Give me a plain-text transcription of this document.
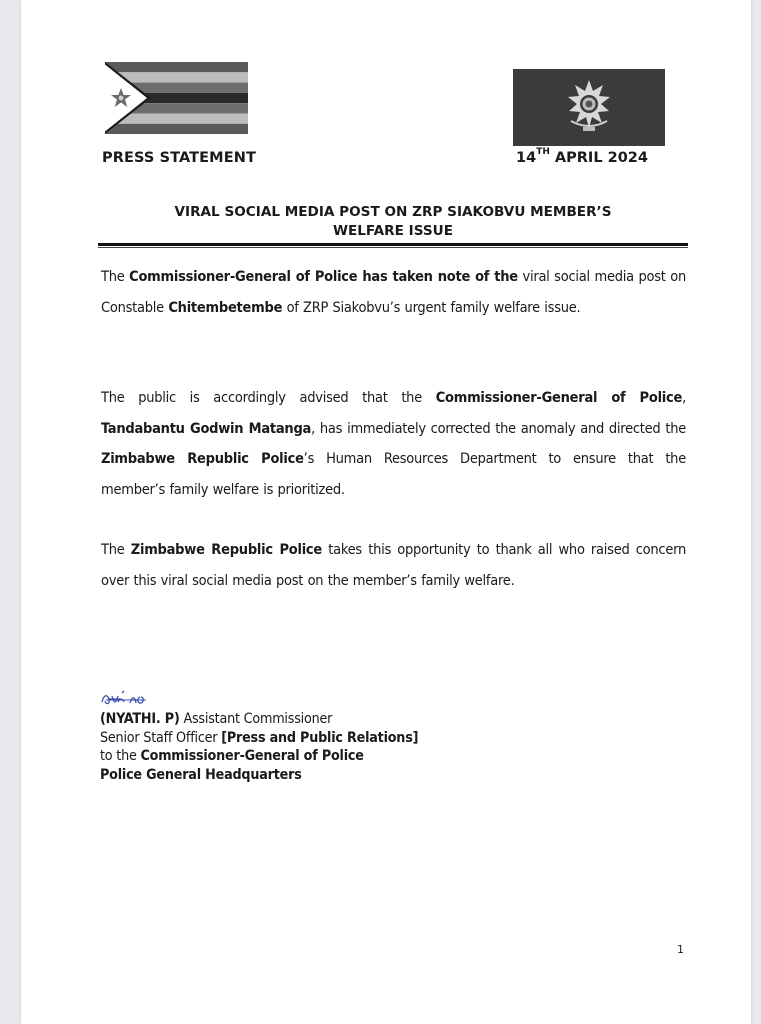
PRESS STATEMENT	14TH APRIL 2024
VIRAL SOCIAL MEDIA POST ON ZRP SIAKOBVU MEMBER’S
WELFARE ISSUE
The Commissioner-General of Police has taken note of the viral social media post on Constable Chitembetembe of ZRP Siakobvu’s urgent family welfare issue.
The public is accordingly advised that the Commissioner-General of Police, Tandabantu Godwin Matanga, has immediately corrected the anomaly and directed the Zimbabwe Republic Police’s Human Resources Department to ensure that the member’s family welfare is prioritized.
The Zimbabwe Republic Police takes this opportunity to thank all who raised concern over this viral social media post on the member’s family welfare.
(NYATHI. P) Assistant Commissioner
Senior Staff Officer [Press and Public Relations]
to the Commissioner-General of Police
Police General Headquarters
1
